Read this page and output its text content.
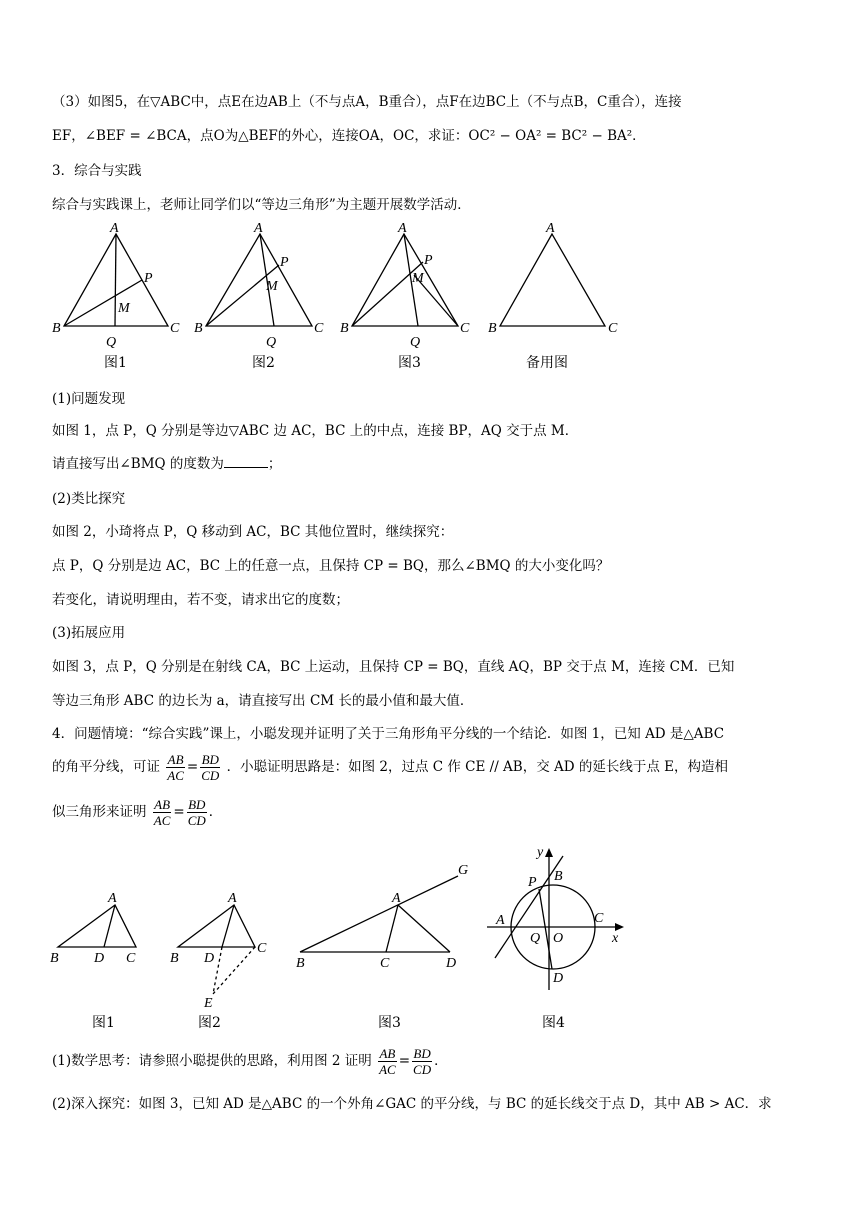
（3）如图5，在▽ABC中，点E在边AB上（不与点A，B重合），点F在边BC上（不与点B，C重合），连接
EF，∠BEF = ∠BCA，点O为△BEF的外心，连接OA，OC，求证：OC² − OA² = BC² − BA²．
3．综合与实践
综合与实践课上，老师让同学们以“等边三角形”为主题开展数学活动．
A
P
M
B	C
Q
A
P
M
B	C
Q
A
P
M
B	C
Q
A
B	C
图1	图2	图3	备用图
(1)问题发现
如图 1，点 P，Q 分别是等边▽ABC 边 AC，BC 上的中点，连接 BP，AQ 交于点 M．
请直接写出∠BMQ 的度数为	；
(2)类比探究
如图 2，小琦将点 P，Q 移动到 AC，BC 其他位置时，继续探究：
点 P，Q 分别是边 AC，BC 上的任意一点，且保持 CP = BQ，那么∠BMQ 的大小变化吗？
若变化，请说明理由，若不变，请求出它的度数；
(3)拓展应用
如图 3，点 P，Q 分别是在射线 CA，BC 上运动，且保持 CP = BQ，直线 AQ，BP 交于点 M，连接 CM．已知
等边三角形 ABC 的边长为 a，请直接写出 CM 长的最小值和最大值．
4．问题情境：“综合实践”课上，小聪发现并证明了关于三角形角平分线的一个结论．如图 1，已知 AD 是△ABC
的角平分线，可证 $\frac{AB}{AC} = \frac{BD}{CD}$ ．小聪证明思路是：如图 2，过点 C 作 CE // AB，交 AD 的延长线于点 E，构造相
似三角形来证明 $\frac{AB}{AC} = \frac{BD}{CD}$ ．
A
B	D C
A
B D
C
E
G
A
B	C	D
y
P B
A	C
Q O	x
D
图1	图2	图3	图4
(1)数学思考：请参照小聪提供的思路，利用图 2 证明 $\frac{AB}{AC} = \frac{BD}{CD}$ ．
(2)深入探究：如图 3，已知 AD 是△ABC 的一个外角∠GAC 的平分线，与 BC 的延长线交于点 D，其中 AB > AC．求
